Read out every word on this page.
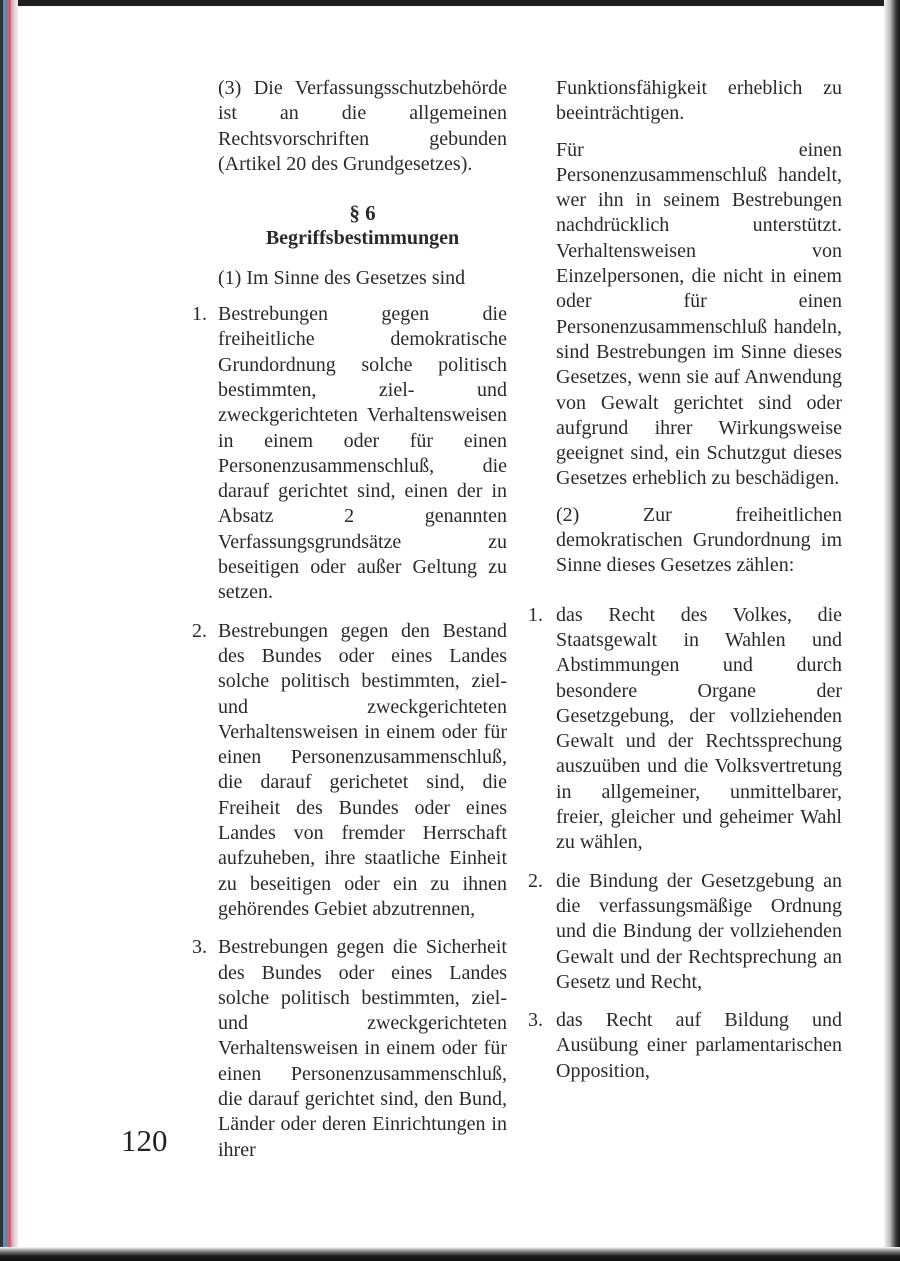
(3) Die Verfassungsschutzbehörde ist an die allgemeinen Rechtsvorschriften gebunden (Artikel 20 des Grundgesetzes).

§ 6
Begriffsbestimmungen

(1) Im Sinne des Gesetzes sind

1. Bestrebungen gegen die freiheitliche demokratische Grundordnung solche politisch bestimmten, ziel- und zweckgerichteten Verhaltensweisen in einem oder für einen Personenzusammenschluß, die darauf gerichtet sind, einen der in Absatz 2 genannten Verfassungsgrundsätze zu beseitigen oder außer Geltung zu setzen.
2. Bestrebungen gegen den Bestand des Bundes oder eines Landes solche politisch bestimmten, ziel- und zweckgerichteten Verhaltensweisen in einem oder für einen Personenzusammenschluß, die darauf gerichetet sind, die Freiheit des Bundes oder eines Landes von fremder Herrschaft aufzuheben, ihre staatliche Einheit zu beseitigen oder ein zu ihnen gehörendes Gebiet abzutrennen,
3. Bestrebungen gegen die Sicherheit des Bundes oder eines Landes solche politisch bestimmten, ziel- und zweckgerichteten Verhaltensweisen in einem oder für einen Personenzusammenschluß, die darauf gerichtet sind, den Bund, Länder oder deren Einrichtungen in ihrer

Funktionsfähigkeit erheblich zu beeinträchtigen.

Für einen Personenzusammenschluß handelt, wer ihn in seinem Bestrebungen nachdrücklich unterstützt. Verhaltensweisen von Einzelpersonen, die nicht in einem oder für einen Personenzusammenschluß handeln, sind Bestrebungen im Sinne dieses Gesetzes, wenn sie auf Anwendung von Gewalt gerichtet sind oder aufgrund ihrer Wirkungsweise geeignet sind, ein Schutzgut dieses Gesetzes erheblich zu beschädigen.

(2) Zur freiheitlichen demokratischen Grundordnung im Sinne dieses Gesetzes zählen:

1. das Recht des Volkes, die Staatsgewalt in Wahlen und Abstimmungen und durch besondere Organe der Gesetzgebung, der vollziehenden Gewalt und der Rechtssprechung auszuüben und die Volksvertretung in allgemeiner, unmittelbarer, freier, gleicher und geheimer Wahl zu wählen,
2. die Bindung der Gesetzgebung an die verfassungsmäßige Ordnung und die Bindung der vollziehenden Gewalt und der Rechtsprechung an Gesetz und Recht,
3. das Recht auf Bildung und Ausübung einer parlamentarischen Opposition,
120
